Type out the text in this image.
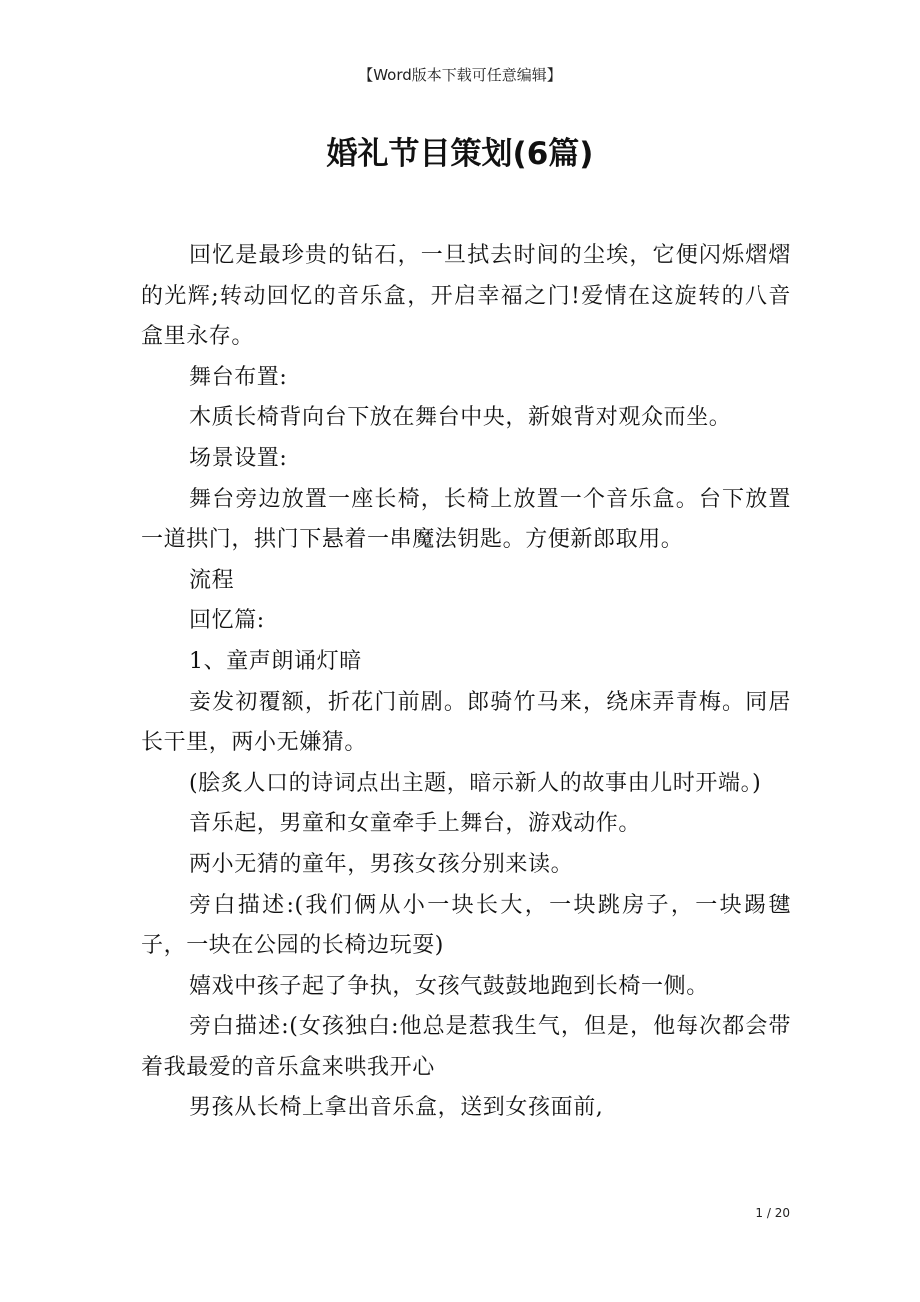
【Word版本下载可任意编辑】
婚礼节目策划(6篇)

回忆是最珍贵的钻石，一旦拭去时间的尘埃，它便闪烁熠熠的光辉;转动回忆的音乐盒，开启幸福之门!爱情在这旋转的八音盒里永存。

舞台布置:

木质长椅背向台下放在舞台中央，新娘背对观众而坐。

场景设置:

舞台旁边放置一座长椅，长椅上放置一个音乐盒。台下放置一道拱门，拱门下悬着一串魔法钥匙。方便新郎取用。

流程

回忆篇:

1、童声朗诵灯暗

妾发初覆额，折花门前剧。郎骑竹马来，绕床弄青梅。同居长干里，两小无嫌猜。

(脍炙人口的诗词点出主题，暗示新人的故事由儿时开端。)

音乐起，男童和女童牵手上舞台，游戏动作。

两小无猜的童年，男孩女孩分别来读。

旁白描述:(我们俩从小一块长大，一块跳房子，一块踢毽子，一块在公园的长椅边玩耍)

嬉戏中孩子起了争执，女孩气鼓鼓地跑到长椅一侧。

旁白描述:(女孩独白:他总是惹我生气，但是，他每次都会带着我最爱的音乐盒来哄我开心

男孩从长椅上拿出音乐盒，送到女孩面前,

1 / 20
